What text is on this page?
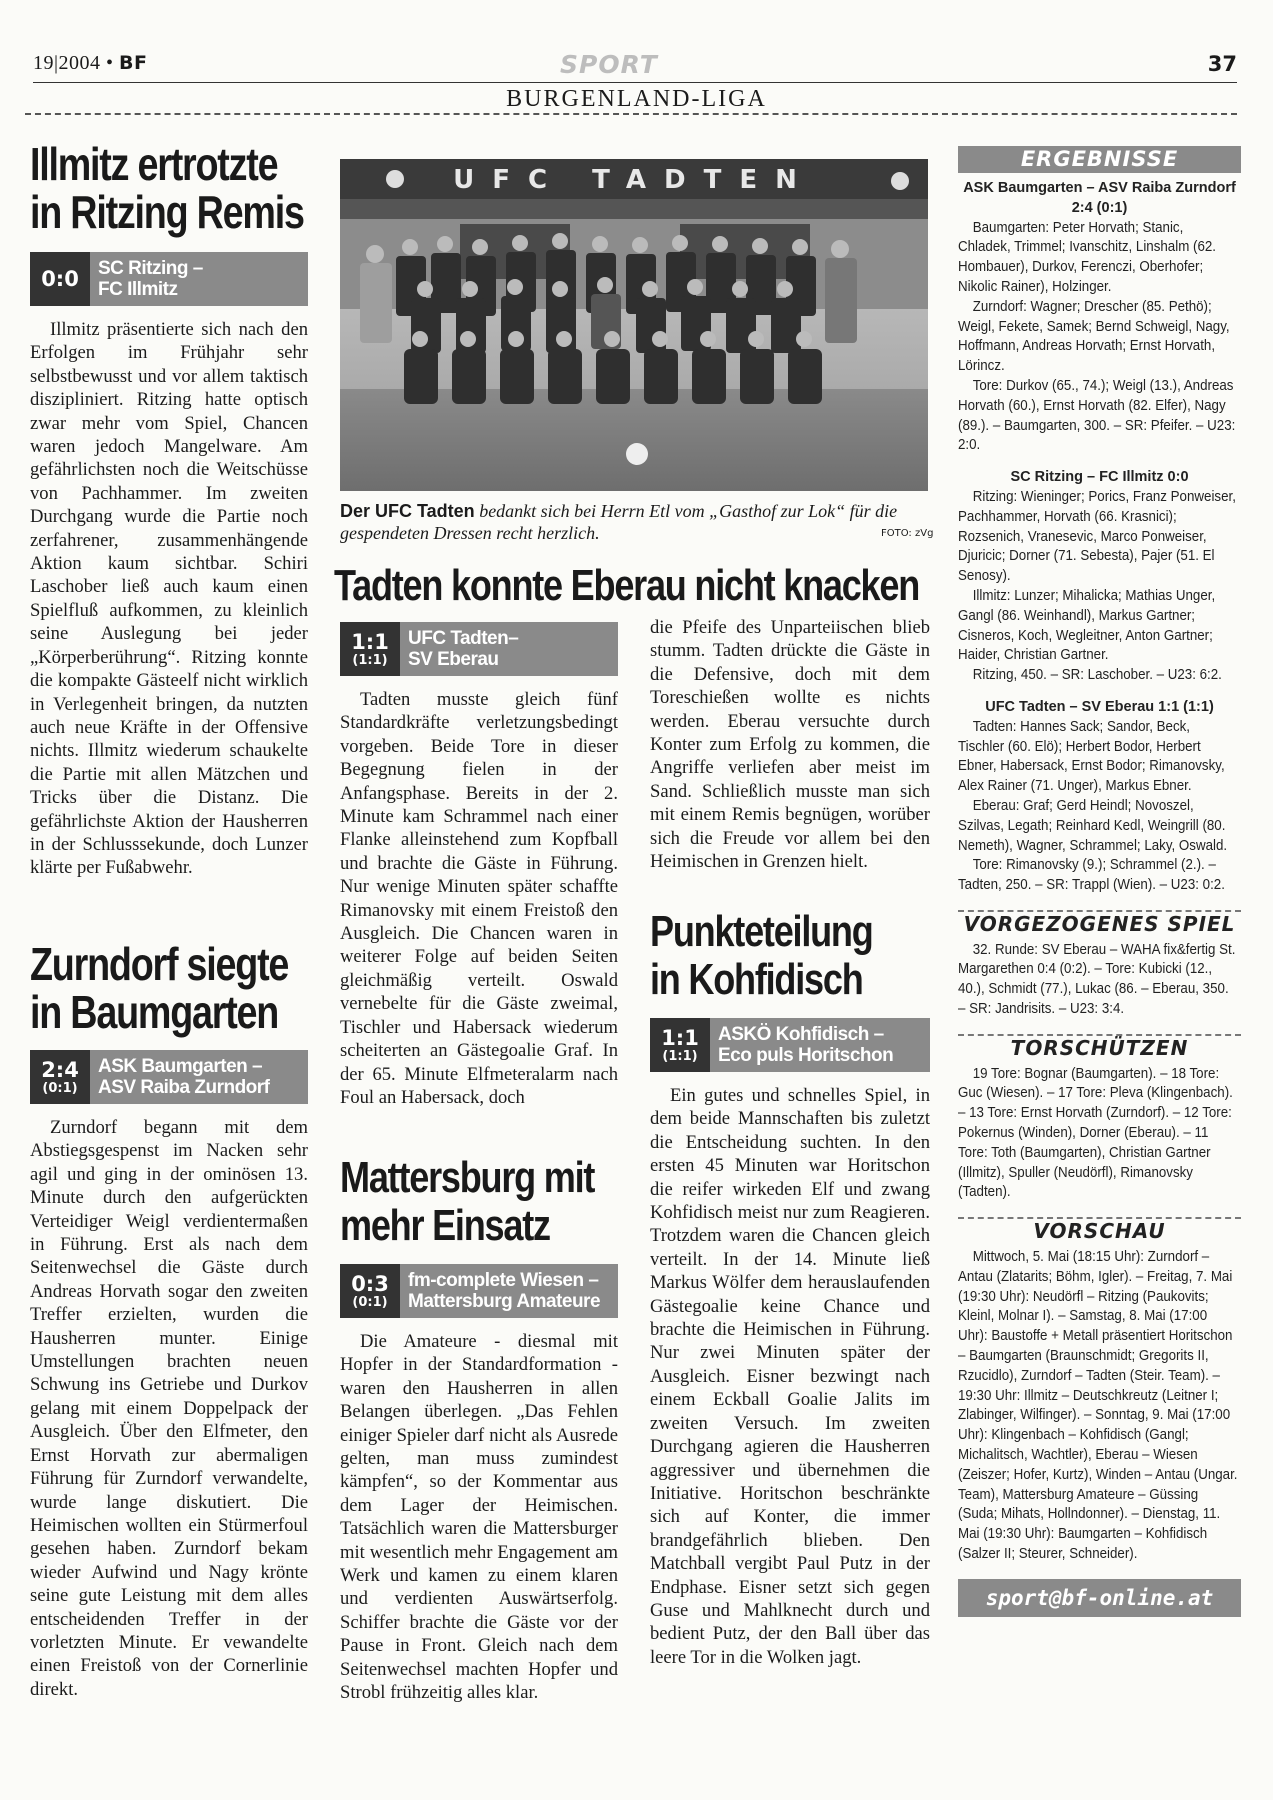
19|2004 • BF	SPORT	37
BURGENLAND-LIGA
Illmitz ertrotzte
in Ritzing Remis
0:0 SC Ritzing –
FC Illmitz

Illmitz präsentierte sich nach den Erfolgen im Frühjahr sehr selbstbewusst und vor allem taktisch diszipliniert. Ritzing hatte optisch zwar mehr vom Spiel, Chancen waren jedoch Mangelware. Am gefährlichsten noch die Weitschüsse von Pachhammer. Im zweiten Durchgang wurde die Partie noch zerfahrener, zusammenhängende Aktion kaum sichtbar. Schiri Laschober ließ auch kaum einen Spielfluß aufkommen, zu kleinlich seine Auslegung bei jeder „Körperberührung“. Ritzing konnte die kompakte Gästeelf nicht wirklich in Verlegenheit bringen, da nutzten auch neue Kräfte in der Offensive nichts. Illmitz wiederum schaukelte die Partie mit allen Mätzchen und Tricks über die Distanz. Die gefährlichste Aktion der Hausherren in der Schlusssekunde, doch Lunzer klärte per Fußabwehr.

Zurndorf siegte
in Baumgarten
2:4
(0:1)
ASK Baumgarten –
ASV Raiba Zurndorf

Zurndorf begann mit dem Abstiegsgespenst im Nacken sehr agil und ging in der ominösen 13. Minute durch den aufgerückten Verteidiger Weigl verdientermaßen in Führung. Erst als nach dem Seitenwechsel die Gäste durch Andreas Horvath sogar den zweiten Treffer erzielten, wurden die Hausherren munter. Einige Umstellungen brachten neuen Schwung ins Getriebe und Durkov gelang mit einem Doppelpack der Ausgleich. Über den Elfmeter, den Ernst Horvath zur abermaligen Führung für Zurndorf verwandelte, wurde lange diskutiert. Die Heimischen wollten ein Stürmerfoul gesehen haben. Zurndorf bekam wieder Aufwind und Nagy krönte seine gute Leistung mit dem alles entscheidenden Treffer in der vorletzten Minute. Er vewandelte einen Freistoß von der Cornerlinie direkt.

UFC TADTEN
Der UFC Tadten bedankt sich bei Herrn Etl vom „Gasthof zur Lok“ für die gespendeten Dressen recht herzlich.	FOTO: zVg
Tadten konnte Eberau nicht knacken
1:1
(1:1)
UFC Tadten–
SV Eberau

Tadten musste gleich fünf Standardkräfte verletzungsbedingt vorgeben. Beide Tore in dieser Begegnung fielen in der Anfangsphase. Bereits in der 2. Minute kam Schrammel nach einer Flanke alleinstehend zum Kopfball und brachte die Gäste in Führung. Nur wenige Minuten später schaffte Rimanovsky mit einem Freistoß den Ausgleich. Die Chancen waren in weiterer Folge auf beiden Seiten gleichmäßig verteilt. Oswald vernebelte für die Gäste zweimal, Tischler und Habersack wiederum scheiterten an Gästegoalie Graf. In der 65. Minute Elfmeteralarm nach Foul an Habersack, doch

die Pfeife des Unparteiischen blieb stumm. Tadten drückte die Gäste in die Defensive, doch mit dem Toreschießen wollte es nichts werden. Eberau versuchte durch Konter zum Erfolg zu kommen, die Angriffe verliefen aber meist im Sand. Schließlich musste man sich mit einem Remis begnügen, worüber sich die Freude vor allem bei den Heimischen in Grenzen hielt.

Mattersburg mit
mehr Einsatz
0:3
(0:1)
fm-complete Wiesen –
Mattersburg Amateure

Die Amateure - diesmal mit Hopfer in der Standardformation - waren den Hausherren in allen Belangen überlegen. „Das Fehlen einiger Spieler darf nicht als Ausrede gelten, man muss zumindest kämpfen“, so der Kommentar aus dem Lager der Heimischen. Tatsächlich waren die Mattersburger mit wesentlich mehr Engagement am Werk und kamen zu einem klaren und verdienten Auswärtserfolg. Schiffer brachte die Gäste vor der Pause in Front. Gleich nach dem Seitenwechsel machten Hopfer und Strobl frühzeitig alles klar.

Punkteteilung
in Kohfidisch
1:1
(1:1)
ASKÖ Kohfidisch –
Eco puls Horitschon

Ein gutes und schnelles Spiel, in dem beide Mannschaften bis zuletzt die Entscheidung suchten. In den ersten 45 Minuten war Horitschon die reifer wirkeden Elf und zwang Kohfidisch meist nur zum Reagieren. Trotzdem waren die Chancen gleich verteilt. In der 14. Minute ließ Markus Wölfer dem herauslaufenden Gästegoalie keine Chance und brachte die Heimischen in Führung. Nur zwei Minuten später der Ausgleich. Eisner bezwingt nach einem Eckball Goalie Jalits im zweiten Versuch. Im zweiten Durchgang agieren die Hausherren aggressiver und übernehmen die Initiative. Horitschon beschränkte sich auf Konter, die immer brandgefährlich blieben. Den Matchball vergibt Paul Putz in der Endphase. Eisner setzt sich gegen Guse und Mahlknecht durch und bedient Putz, der den Ball über das leere Tor in die Wolken jagt.

ERGEBNISSE
ASK Baumgarten – ASV Raiba Zurndorf 2:4 (0:1)

Baumgarten: Peter Horvath; Stanic, Chladek, Trimmel; Ivanschitz, Linshalm (62. Hombauer), Durkov, Ferenczi, Oberhofer; Nikolic Rainer), Holzinger.

Zurndorf: Wagner; Drescher (85. Pethö); Weigl, Fekete, Samek; Bernd Schweigl, Nagy, Hoffmann, Andreas Horvath; Ernst Horvath, Lörincz.

Tore: Durkov (65., 74.); Weigl (13.), Andreas Horvath (60.), Ernst Horvath (82. Elfer), Nagy (89.). – Baumgarten, 300. – SR: Pfeifer. – U23: 2:0.

SC Ritzing – FC Illmitz 0:0

Ritzing: Wieninger; Porics, Franz Ponweiser, Pachhammer, Horvath (66. Krasnici); Rozsenich, Vranesevic, Marco Ponweiser, Djuricic; Dorner (71. Sebesta), Pajer (51. El Senosy).

Illmitz: Lunzer; Mihalicka; Mathias Unger, Gangl (86. Weinhandl), Markus Gartner; Cisneros, Koch, Wegleitner, Anton Gartner; Haider, Christian Gartner.

Ritzing, 450. – SR: Laschober. – U23: 6:2.

UFC Tadten – SV Eberau 1:1 (1:1)

Tadten: Hannes Sack; Sandor, Beck, Tischler (60. Elö); Herbert Bodor, Herbert Ebner, Habersack, Ernst Bodor; Rimanovsky, Alex Rainer (71. Unger), Markus Ebner.

Eberau: Graf; Gerd Heindl; Novoszel, Szilvas, Legath; Reinhard Kedl, Weingrill (80. Nemeth), Wagner, Schrammel; Laky, Oswald.

Tore: Rimanovsky (9.); Schrammel (2.). – Tadten, 250. – SR: Trappl (Wien). – U23: 0:2.

VORGEZOGENES SPIEL

32. Runde: SV Eberau – WAHA fix&fertig St. Margarethen 0:4 (0:2). – Tore: Kubicki (12., 40.), Schmidt (77.), Lukac (86. – Eberau, 350. – SR: Jandrisits. – U23: 3:4.

TORSCHÜTZEN

19 Tore: Bognar (Baumgarten). – 18 Tore: Guc (Wiesen). – 17 Tore: Pleva (Klingenbach). – 13 Tore: Ernst Horvath (Zurndorf). – 12 Tore: Pokernus (Winden), Dorner (Eberau). – 11 Tore: Toth (Baumgarten), Christian Gartner (Illmitz), Spuller (Neudörfl), Rimanovsky (Tadten).

VORSCHAU

Mittwoch, 5. Mai (18:15 Uhr): Zurndorf – Antau (Zlatarits; Böhm, Igler). – Freitag, 7. Mai (19:30 Uhr): Neudörfl – Ritzing (Paukovits; Kleinl, Molnar I). – Samstag, 8. Mai (17:00 Uhr): Baustoffe + Metall präsentiert Horitschon – Baumgarten (Braunschmidt; Gregorits II, Rzucidlo), Zurndorf – Tadten (Steir. Team). – 19:30 Uhr: Illmitz – Deutschkreutz (Leitner I; Zlabinger, Wilfinger). – Sonntag, 9. Mai (17:00 Uhr): Klingenbach – Kohfidisch (Gangl; Michalitsch, Wachtler), Eberau – Wiesen (Zeiszer; Hofer, Kurtz), Winden – Antau (Ungar. Team), Mattersburg Amateure – Güssing (Suda; Mihats, Hollndonner). – Dienstag, 11. Mai (19:30 Uhr): Baumgarten – Kohfidisch (Salzer II; Steurer, Schneider).

sport@bf-online.at
